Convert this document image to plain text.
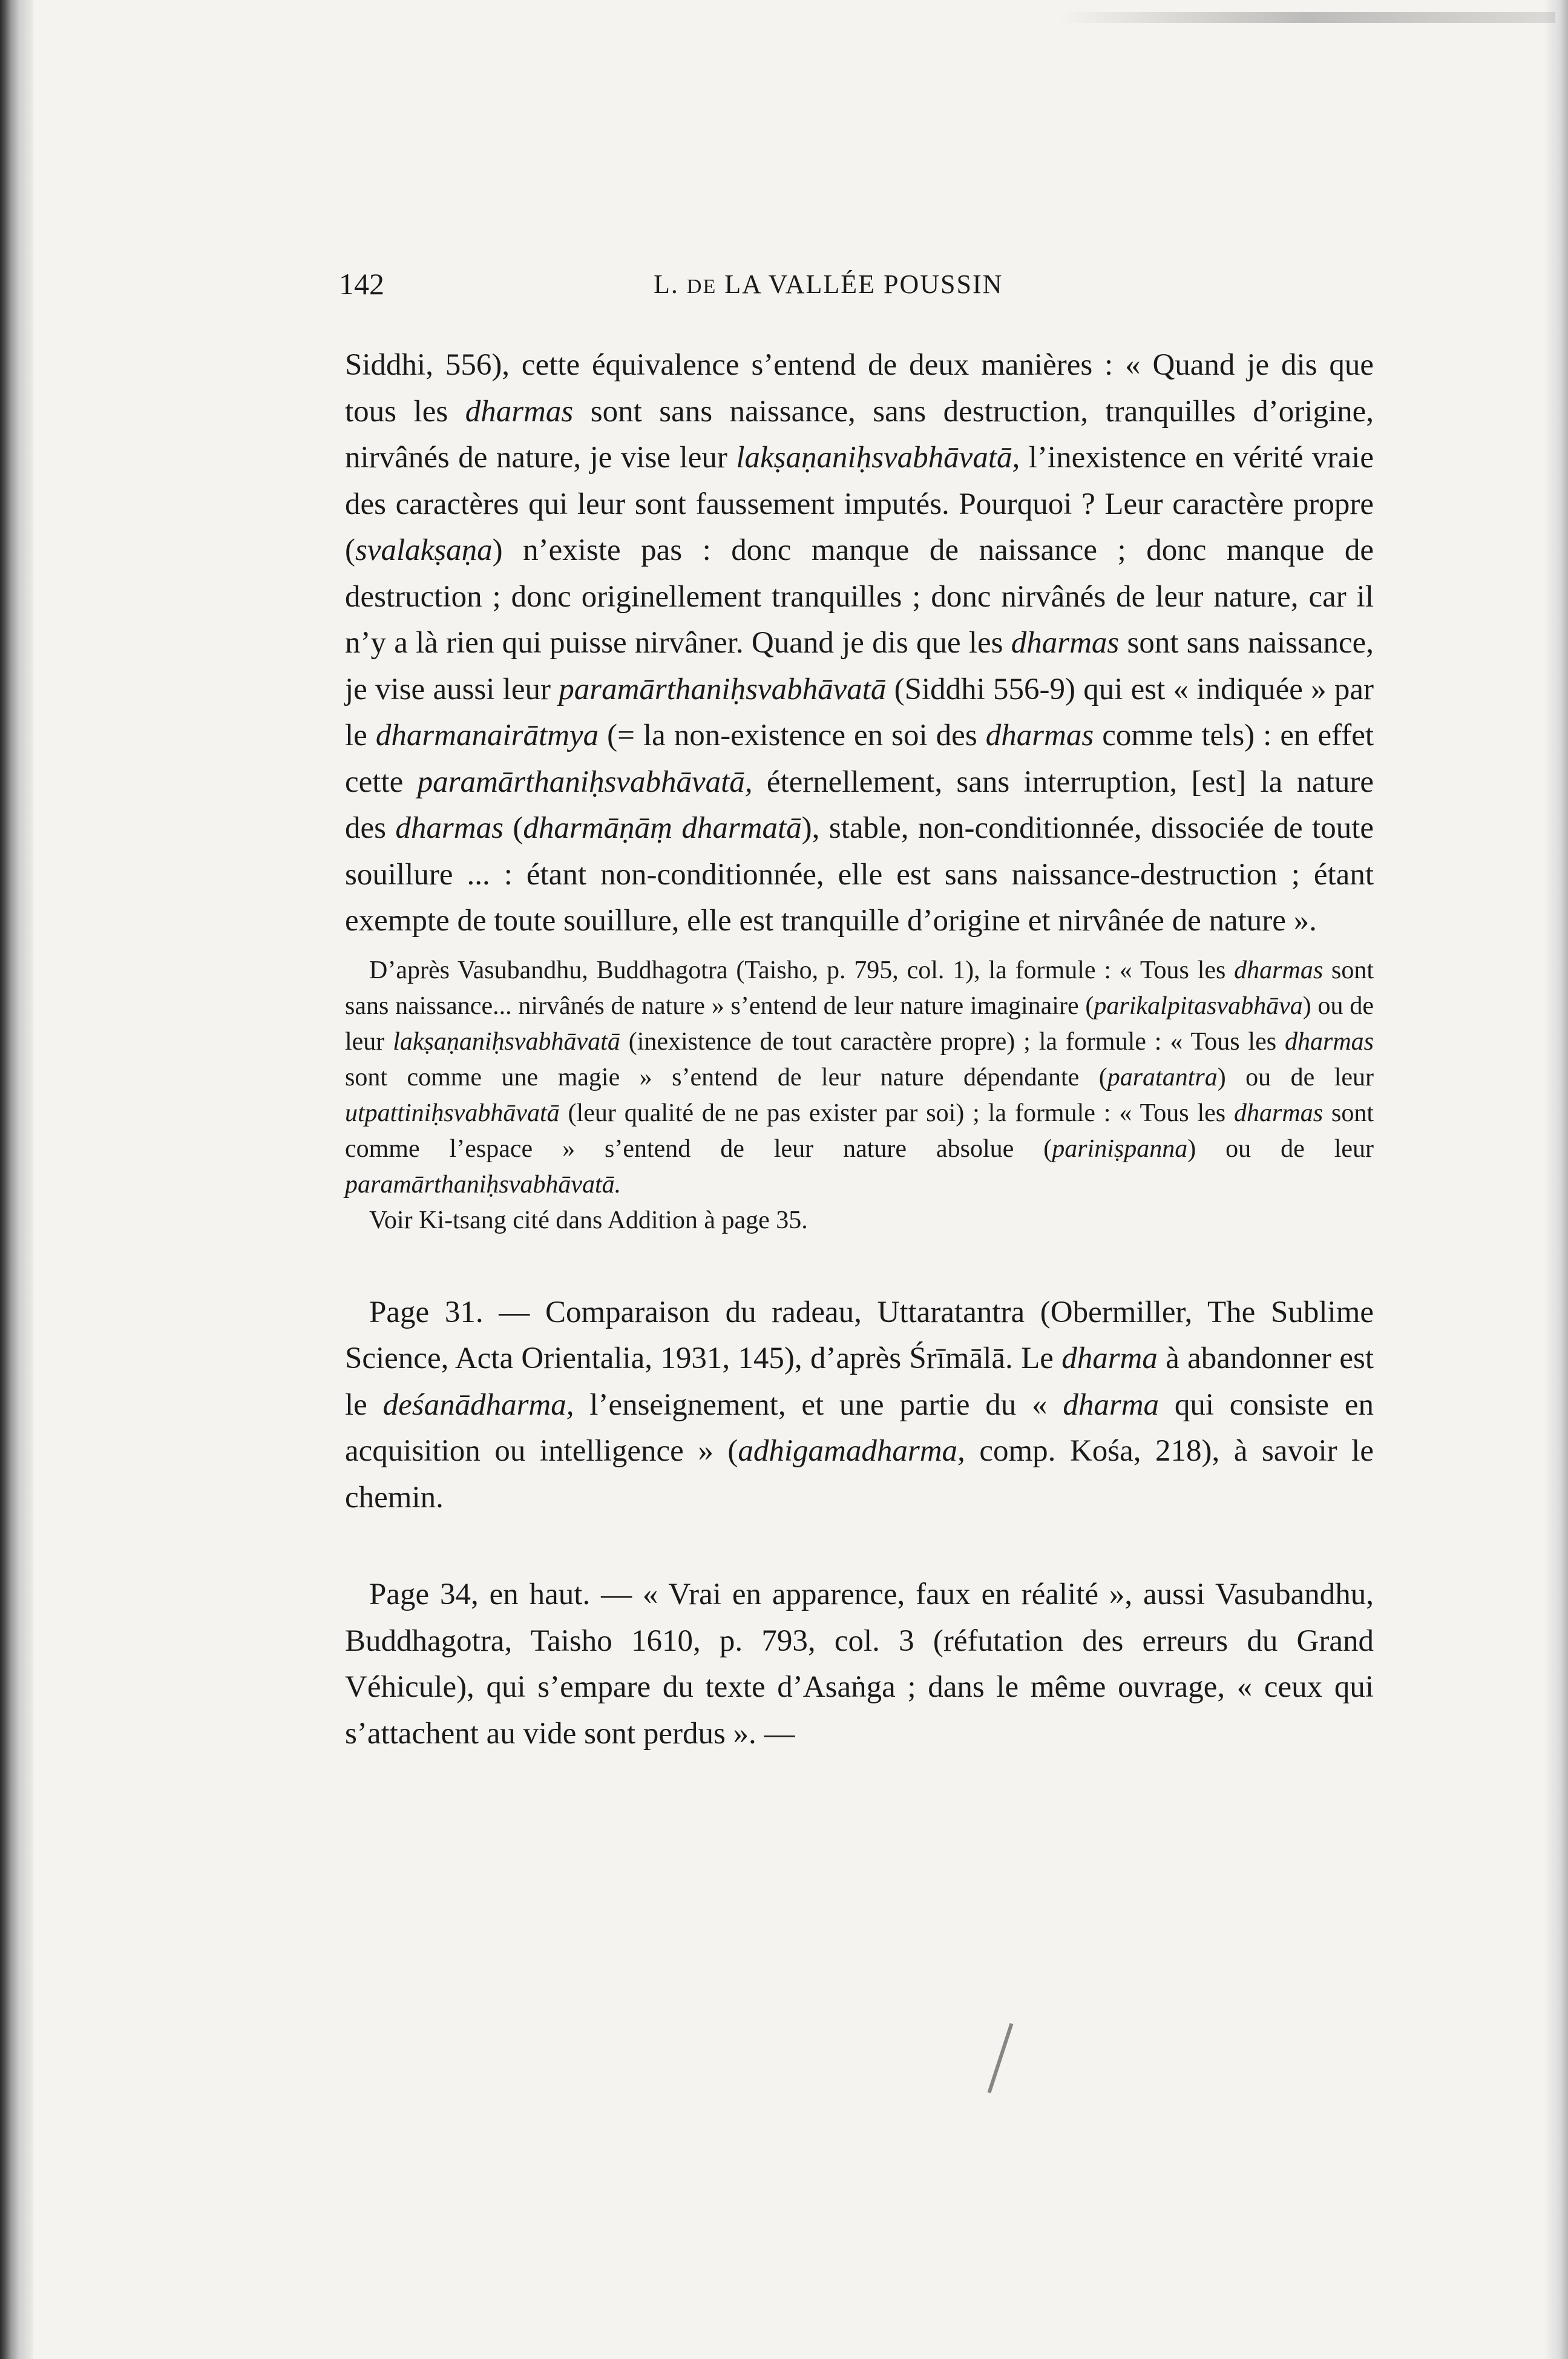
142	L. DE LA VALLÉE POUSSIN

Siddhi, 556), cette équivalence s’entend de deux manières : « Quand je dis que tous les dharmas sont sans naissance, sans destruction, tranquilles d’origine, nirvânés de nature, je vise leur lakṣaṇaniḥsvabhāvatā, l’inexistence en vérité vraie des caractères qui leur sont faussement imputés. Pourquoi ? Leur caractère propre (svalakṣaṇa) n’existe pas : donc manque de naissance ; donc manque de destruction ; donc originellement tranquilles ; donc nirvânés de leur nature, car il n’y a là rien qui puisse nirvâner. Quand je dis que les dharmas sont sans naissance, je vise aussi leur paramārthaniḥsvabhāvatā (Siddhi 556-9) qui est « indiquée » par le dharmanairātmya (= la non-existence en soi des dharmas comme tels) : en effet cette paramārthaniḥsvabhāvatā, éternellement, sans interruption, [est] la nature des dharmas (dharmāṇāṃ dharmatā), stable, non-conditionnée, dissociée de toute souillure ... : étant non-conditionnée, elle est sans naissance-destruction ; étant exempte de toute souillure, elle est tranquille d’origine et nirvânée de nature ».

D’après Vasubandhu, Buddhagotra (Taisho, p. 795, col. 1), la formule : « Tous les dharmas sont sans naissance... nirvânés de nature » s’entend de leur nature imaginaire (parikalpitasvabhāva) ou de leur lakṣaṇaniḥsvabhāvatā (inexistence de tout caractère propre) ; la formule : « Tous les dharmas sont comme une magie » s’entend de leur nature dépendante (paratantra) ou de leur utpattiniḥsvabhāvatā (leur qualité de ne pas exister par soi) ; la formule : « Tous les dharmas sont comme l’espace » s’entend de leur nature absolue (pariniṣpanna) ou de leur paramārthaniḥsvabhāvatā.

Voir Ki-tsang cité dans Addition à page 35.

Page 31. — Comparaison du radeau, Uttaratantra (Obermiller, The Sublime Science, Acta Orientalia, 1931, 145), d’après Śrīmālā. Le dharma à abandonner est le deśanādharma, l’enseignement, et une partie du « dharma qui consiste en acquisition ou intelligence » (adhigamadharma, comp. Kośa, 218), à savoir le chemin.

Page 34, en haut. — « Vrai en apparence, faux en réalité », aussi Vasubandhu, Buddhagotra, Taisho 1610, p. 793, col. 3 (réfutation des erreurs du Grand Véhicule), qui s’empare du texte d’Asaṅga ; dans le même ouvrage, « ceux qui s’attachent au vide sont perdus ». —
